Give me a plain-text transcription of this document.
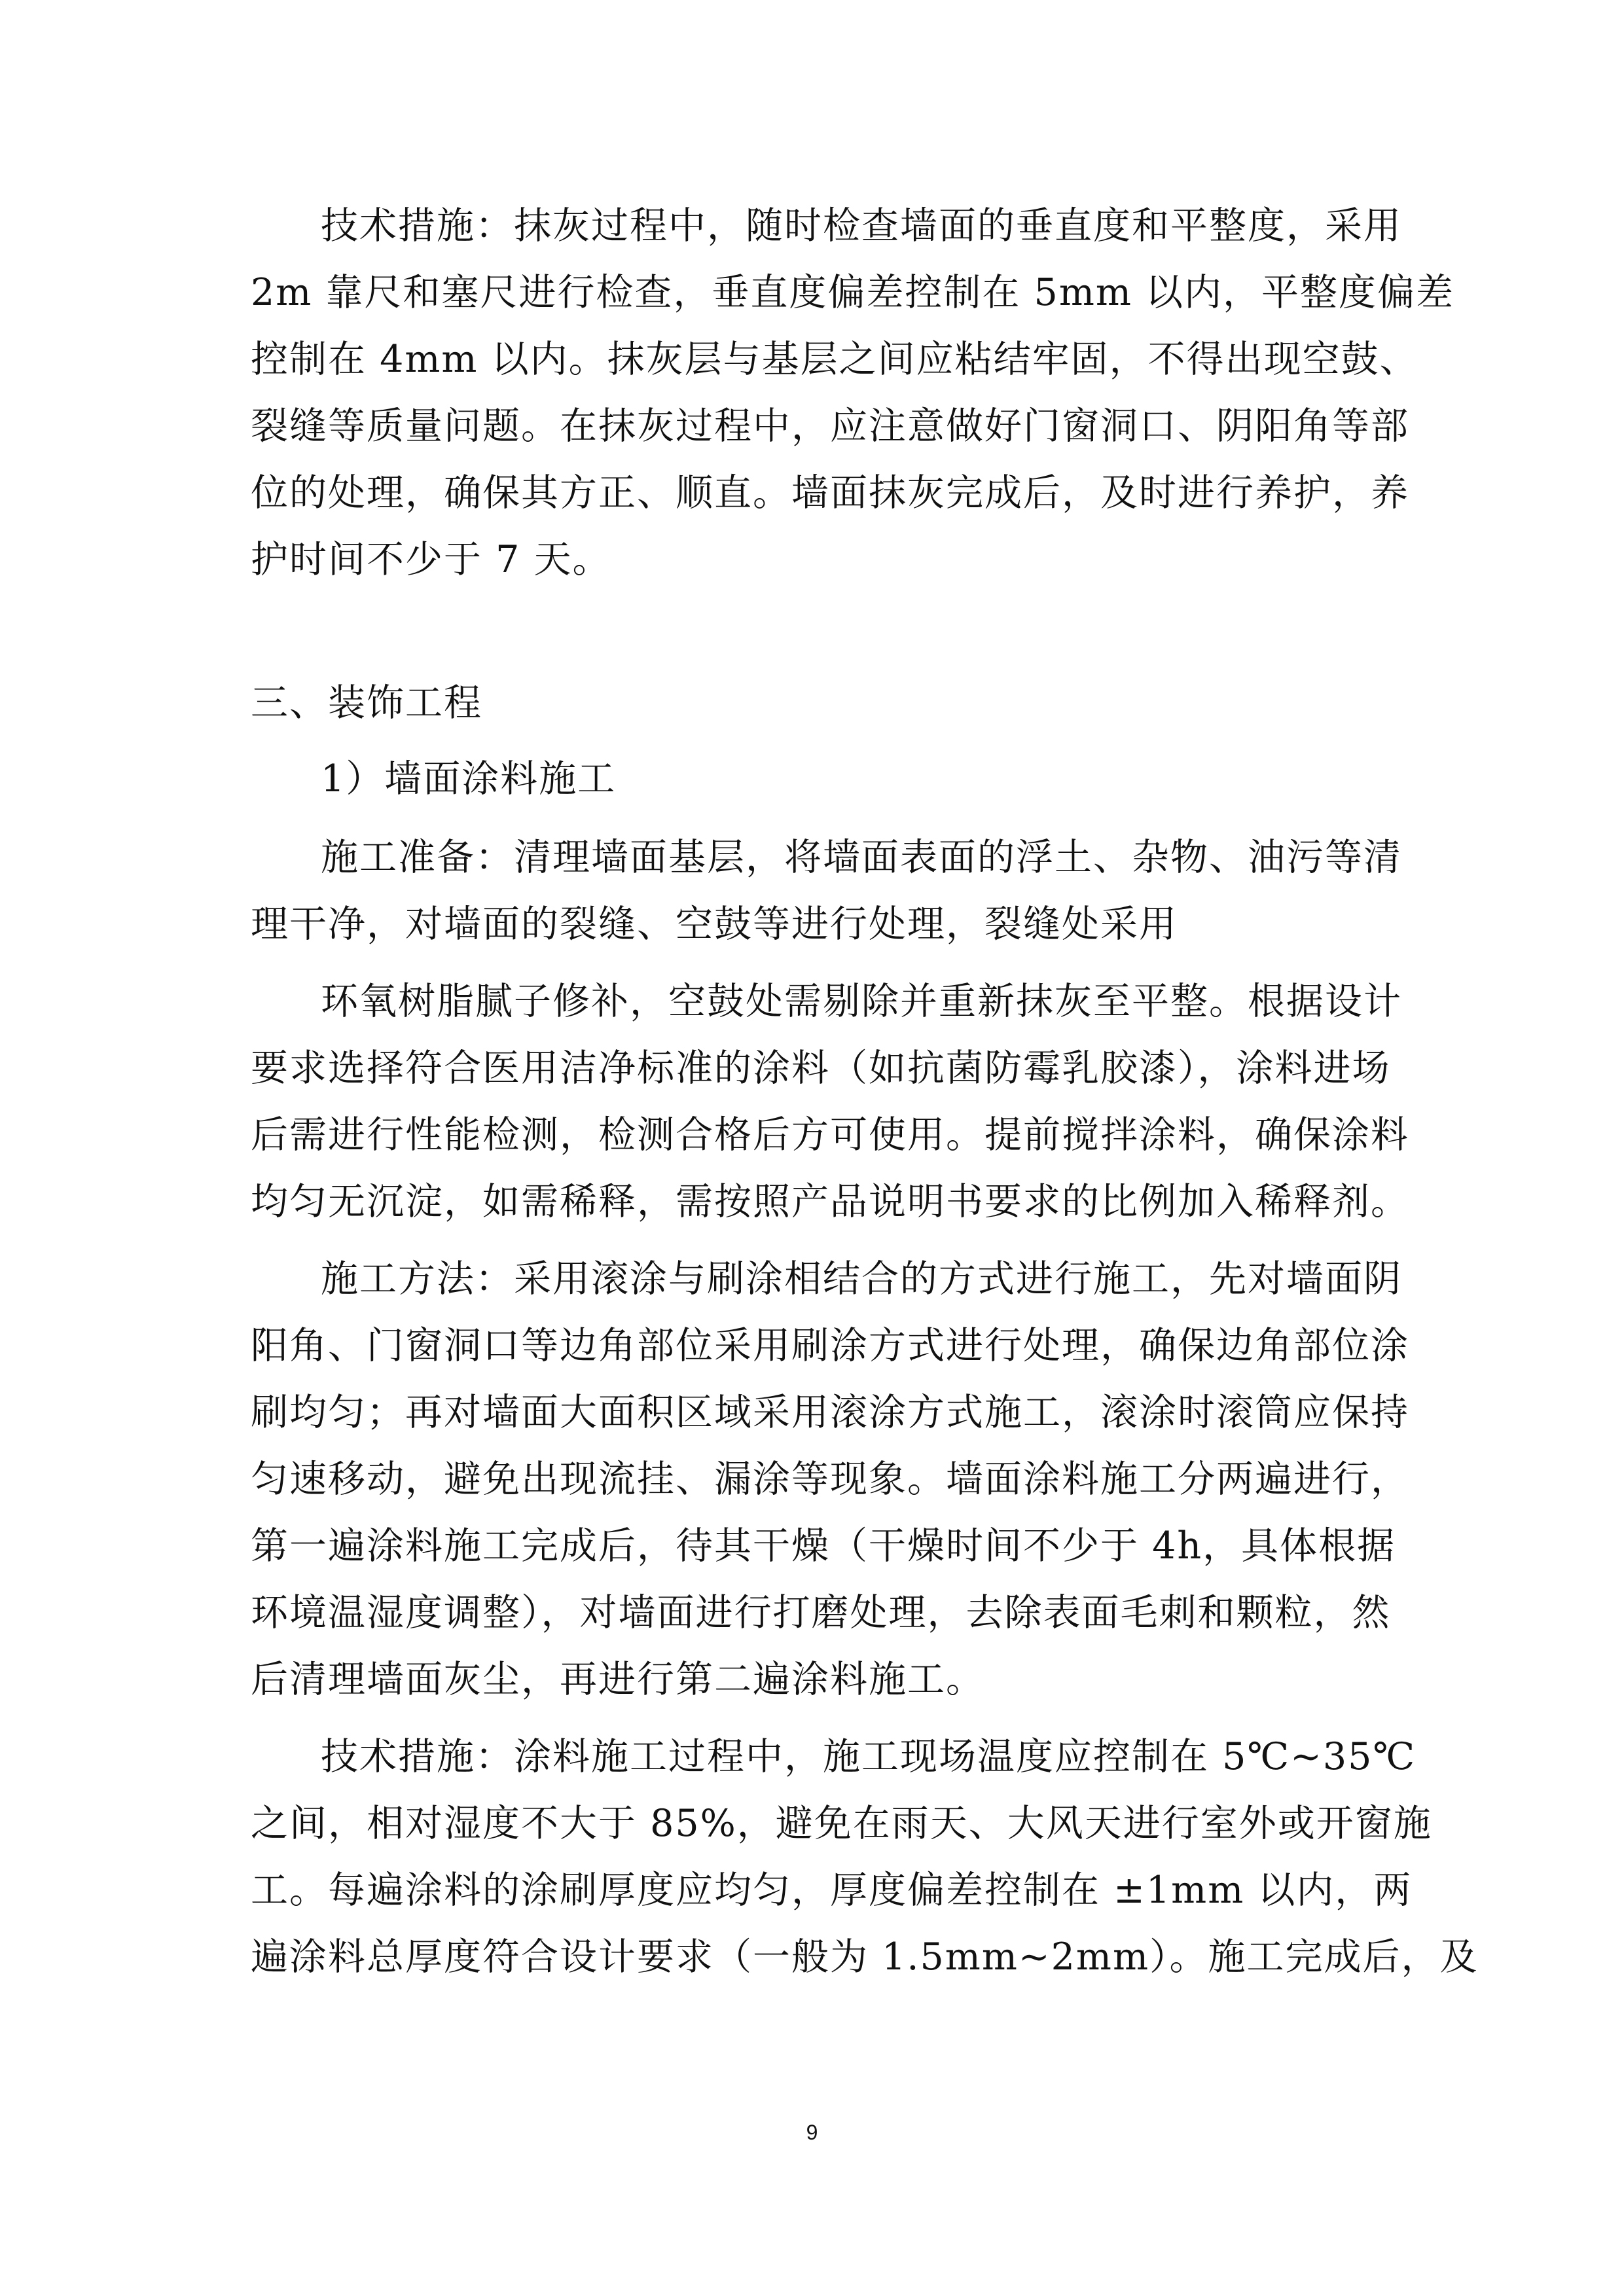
技术措施：抹灰过程中，随时检查墙面的垂直度和平整度，采用
2m 靠尺和塞尺进行检查，垂直度偏差控制在 5mm 以内，平整度偏差
控制在 4mm 以内。抹灰层与基层之间应粘结牢固，不得出现空鼓、
裂缝等质量问题。在抹灰过程中，应注意做好门窗洞口、阴阳角等部
位的处理，确保其方正、顺直。墙面抹灰完成后，及时进行养护，养
护时间不少于 7 天。
三、装饰工程
1）墙面涂料施工
施工准备：清理墙面基层，将墙面表面的浮土、杂物、油污等清
理干净，对墙面的裂缝、空鼓等进行处理，裂缝处采用
环氧树脂腻子修补，空鼓处需剔除并重新抹灰至平整。根据设计
要求选择符合医用洁净标准的涂料（如抗菌防霉乳胶漆），涂料进场
后需进行性能检测，检测合格后方可使用。提前搅拌涂料，确保涂料
均匀无沉淀，如需稀释，需按照产品说明书要求的比例加入稀释剂。
施工方法：采用滚涂与刷涂相结合的方式进行施工，先对墙面阴
阳角、门窗洞口等边角部位采用刷涂方式进行处理，确保边角部位涂
刷均匀；再对墙面大面积区域采用滚涂方式施工，滚涂时滚筒应保持
匀速移动，避免出现流挂、漏涂等现象。墙面涂料施工分两遍进行，
第一遍涂料施工完成后，待其干燥（干燥时间不少于 4h，具体根据
环境温湿度调整），对墙面进行打磨处理，去除表面毛刺和颗粒，然
后清理墙面灰尘，再进行第二遍涂料施工。
技术措施：涂料施工过程中，施工现场温度应控制在 5℃~35℃
之间，相对湿度不大于 85%，避免在雨天、大风天进行室外或开窗施
工。每遍涂料的涂刷厚度应均匀，厚度偏差控制在 ±1mm 以内，两
遍涂料总厚度符合设计要求（一般为 1.5mm~2mm）。施工完成后，及
9
